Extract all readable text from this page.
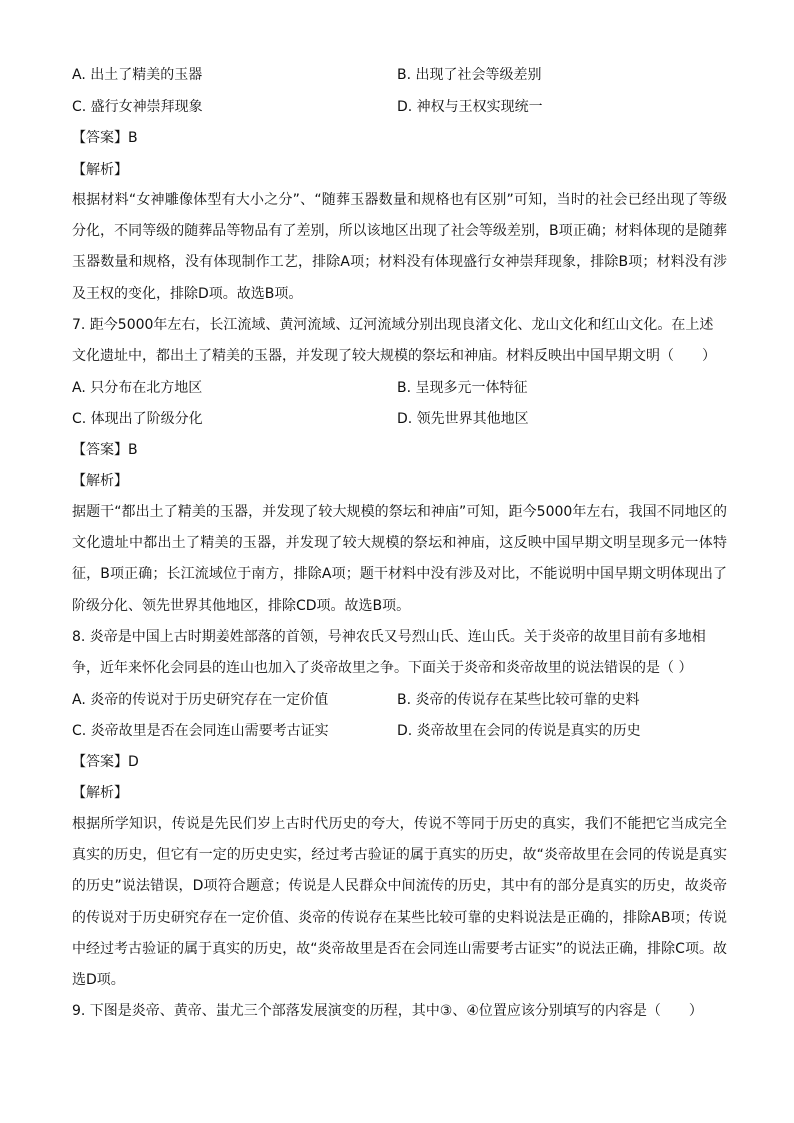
A. 出土了精美的玉器	B. 出现了社会等级差别
C. 盛行女神崇拜现象	D. 神权与王权实现统一
【答案】B
【解析】
根据材料“女神雕像体型有大小之分”、“随葬玉器数量和规格也有区别”可知，当时的社会已经出现了等级分化，不同等级的随葬品等物品有了差别，所以该地区出现了社会等级差别，B项正确；材料体现的是随葬玉器数量和规格，没有体现制作工艺，排除A项；材料没有体现盛行女神崇拜现象，排除B项；材料没有涉及王权的变化，排除D项。故选B项。
7. 距今5000年左右，长江流域、黄河流域、辽河流域分别出现良渚文化、龙山文化和红山文化。在上述文化遗址中，都出土了精美的玉器，并发现了较大规模的祭坛和神庙。材料反映出中国早期文明（　　）
A. 只分布在北方地区	B. 呈现多元一体特征
C. 体现出了阶级分化	D. 领先世界其他地区
【答案】B
【解析】
据题干“都出土了精美的玉器，并发现了较大规模的祭坛和神庙”可知，距今5000年左右，我国不同地区的文化遗址中都出土了精美的玉器，并发现了较大规模的祭坛和神庙，这反映中国早期文明呈现多元一体特征，B项正确；长江流域位于南方，排除A项；题干材料中没有涉及对比，不能说明中国早期文明体现出了阶级分化、领先世界其他地区，排除CD项。故选B项。
8. 炎帝是中国上古时期姜姓部落的首领，号神农氏又号烈山氏、连山氏。关于炎帝的故里目前有多地相争，近年来怀化会同县的连山也加入了炎帝故里之争。下面关于炎帝和炎帝故里的说法错误的是（ ）
A. 炎帝的传说对于历史研究存在一定价值	B. 炎帝的传说存在某些比较可靠的史料
C. 炎帝故里是否在会同连山需要考古证实	D. 炎帝故里在会同的传说是真实的历史
【答案】D
【解析】
根据所学知识，传说是先民们岁上古时代历史的夸大，传说不等同于历史的真实，我们不能把它当成完全真实的历史，但它有一定的历史史实，经过考古验证的属于真实的历史，故“炎帝故里在会同的传说是真实的历史”说法错误，D项符合题意；传说是人民群众中间流传的历史，其中有的部分是真实的历史，故炎帝的传说对于历史研究存在一定价值、炎帝的传说存在某些比较可靠的史料说法是正确的，排除AB项；传说中经过考古验证的属于真实的历史，故“炎帝故里是否在会同连山需要考古证实”的说法正确，排除C项。故选D项。
9. 下图是炎帝、黄帝、蚩尤三个部落发展演变的历程，其中③、④位置应该分别填写的内容是（　　）
